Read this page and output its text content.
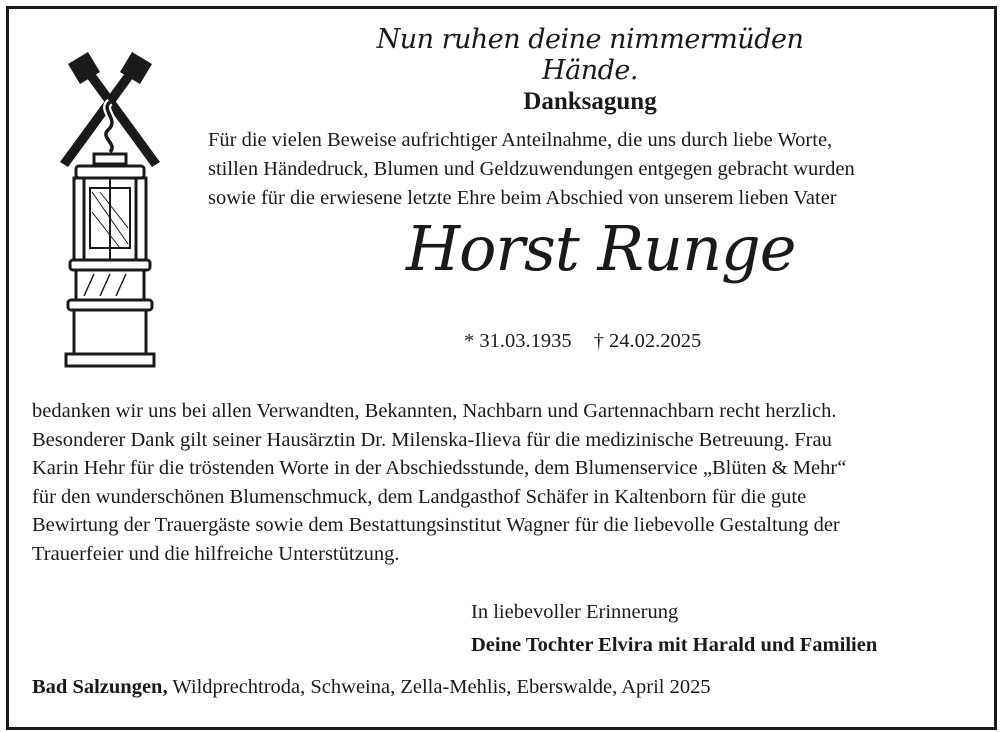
Nun ruhen deine nimmermüden Hände.
Danksagung
Für die vielen Beweise aufrichtiger Anteilnahme, die uns durch liebe Worte,
stillen Händedruck, Blumen und Geldzuwendungen entgegen gebracht wurden
sowie für die erwiesene letzte Ehre beim Abschied von unserem lieben Vater
Horst Runge
* 31.03.1935 † 24.02.2025
bedanken wir uns bei allen Verwandten, Bekannten, Nachbarn und Gartennachbarn recht herzlich.
Besonderer Dank gilt seiner Hausärztin Dr. Milenska-Ilieva für die medizinische Betreuung. Frau
Karin Hehr für die tröstenden Worte in der Abschiedsstunde, dem Blumenservice „Blüten & Mehr“
für den wunderschönen Blumenschmuck, dem Landgasthof Schäfer in Kaltenborn für die gute
Bewirtung der Trauergäste sowie dem Bestattungsinstitut Wagner für die liebevolle Gestaltung der
Trauerfeier und die hilfreiche Unterstützung.
In liebevoller Erinnerung
Deine Tochter Elvira mit Harald und Familien
Bad Salzungen, Wildprechtroda, Schweina, Zella-Mehlis, Eberswalde, April 2025
